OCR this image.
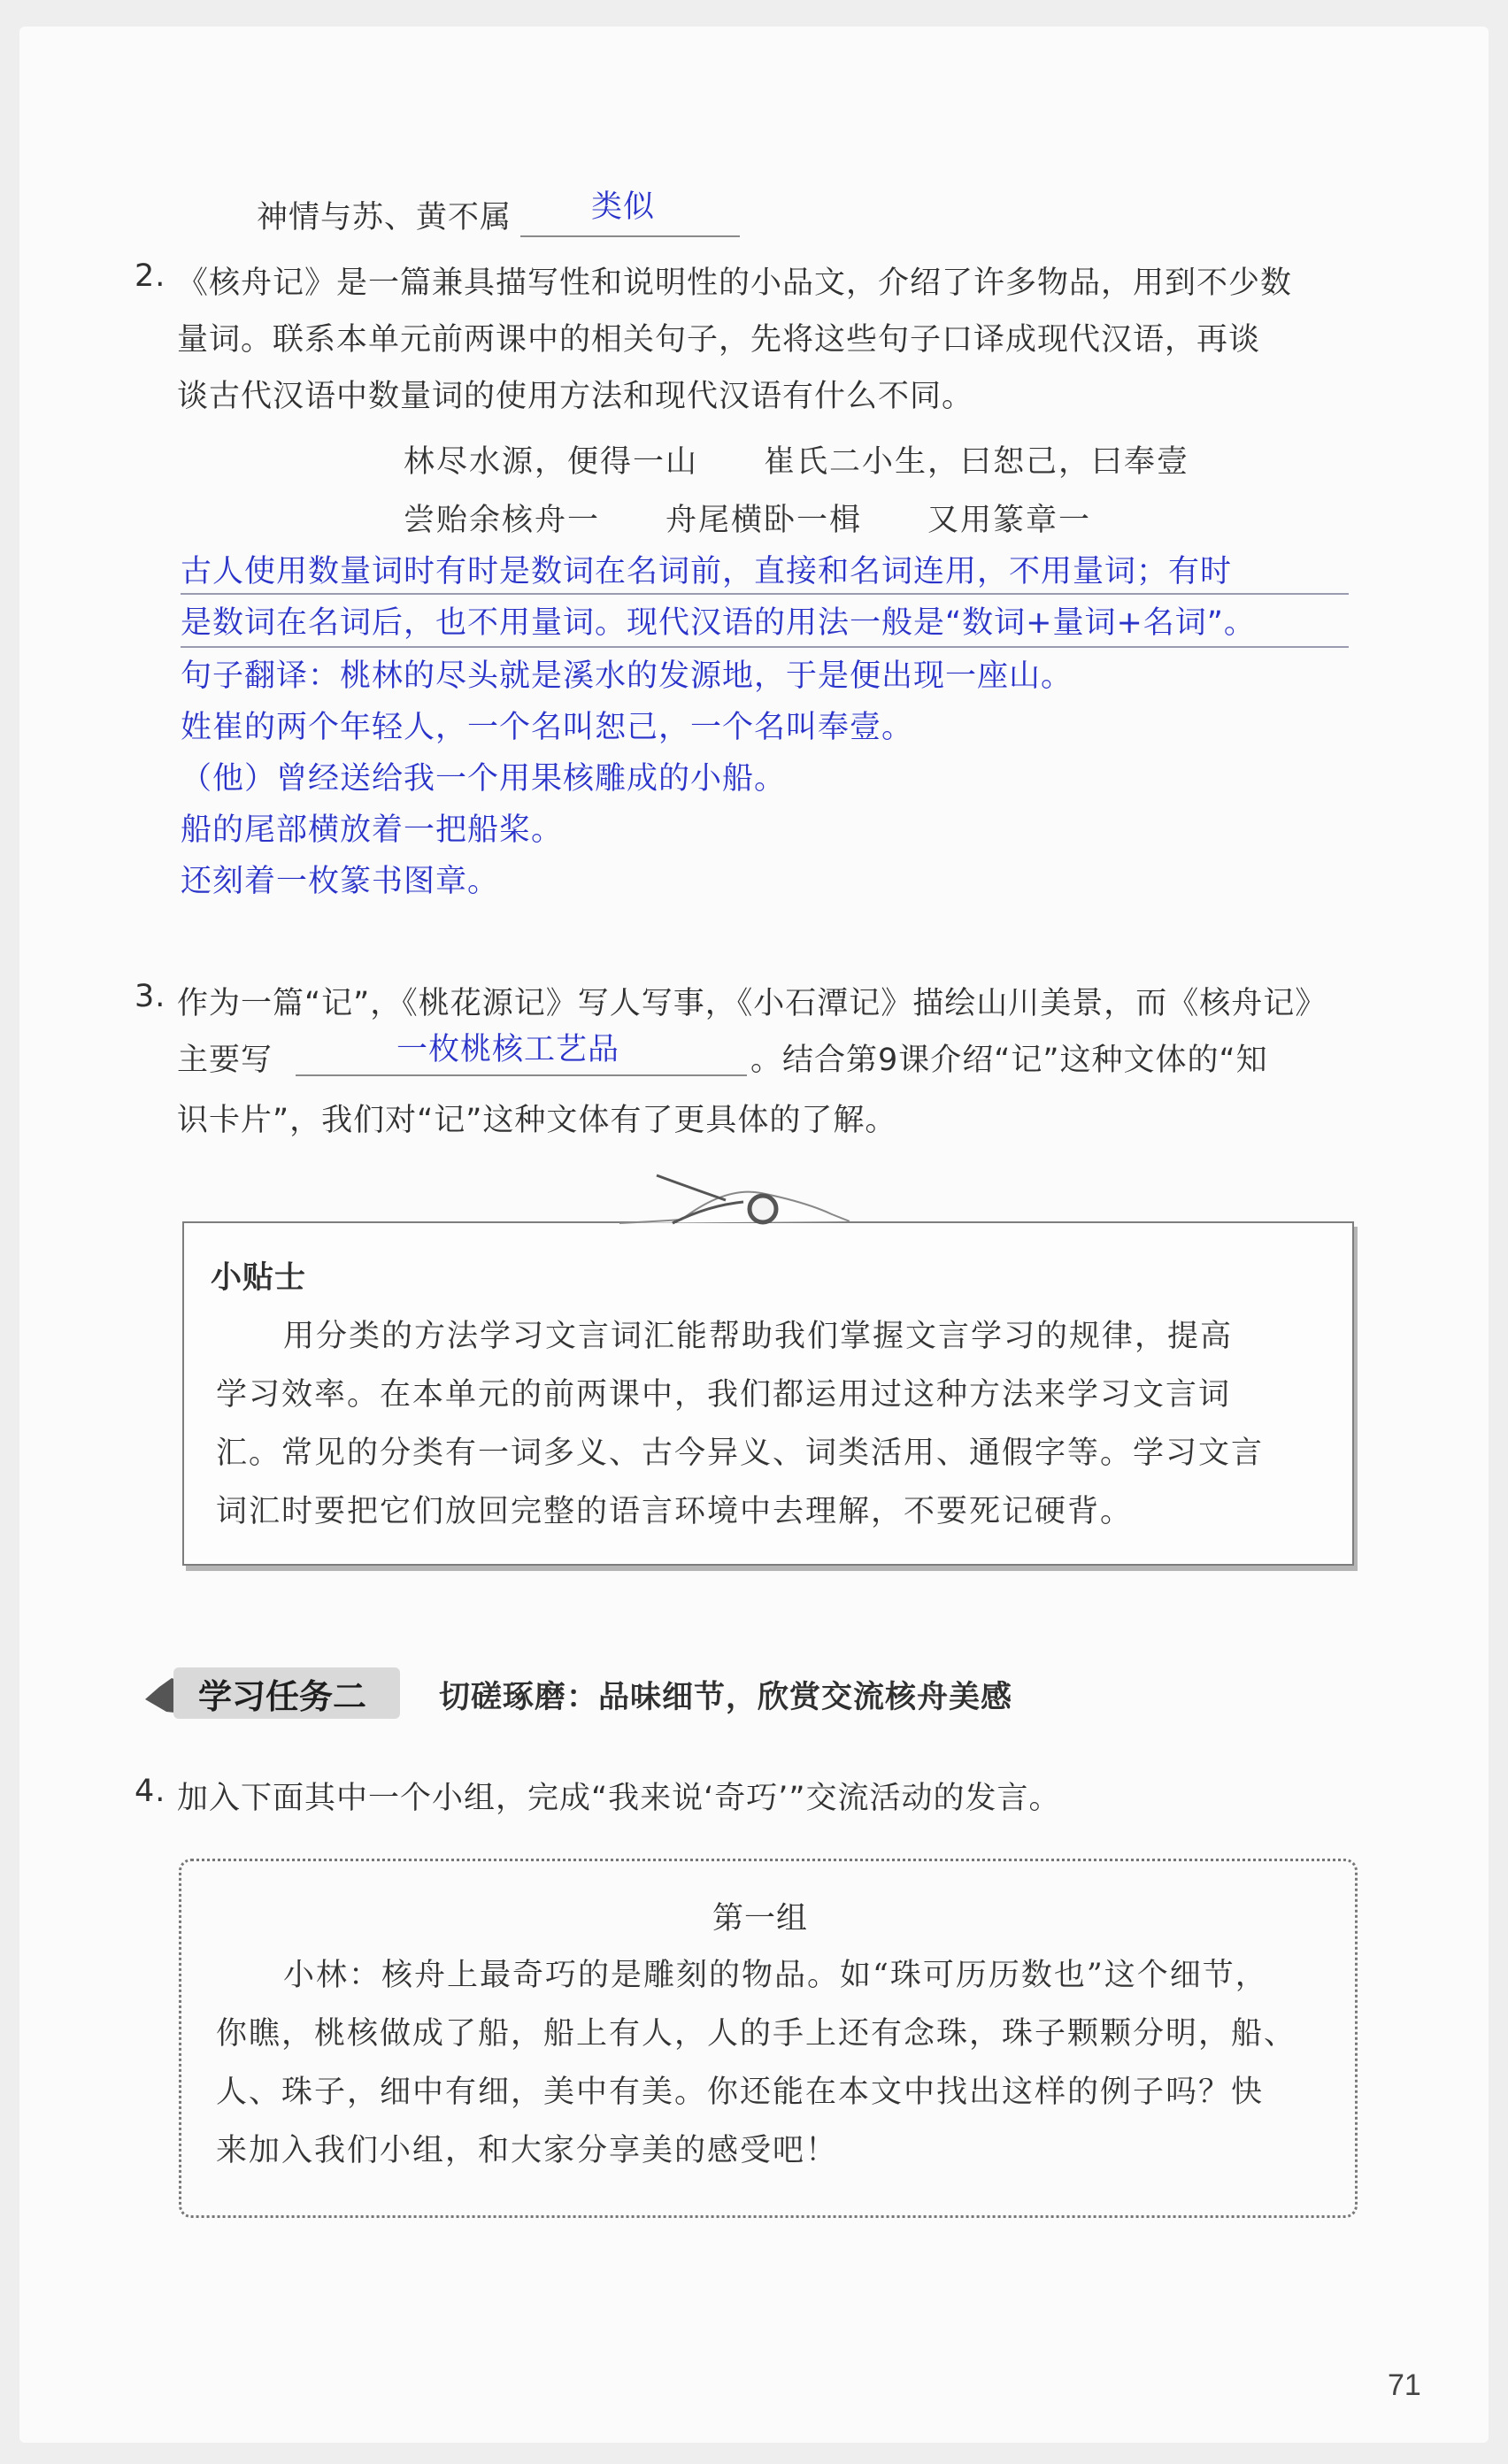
神情与苏、黄不属	类似
2. 《核舟记》是一篇兼具描写性和说明性的小品文，介绍了许多物品，用到不少数
量词。联系本单元前两课中的相关句子，先将这些句子口译成现代汉语，再谈
谈古代汉语中数量词的使用方法和现代汉语有什么不同。
林尽水源，便得一山　　崔氏二小生，曰恕己，曰奉壹
尝贻余核舟一　　舟尾横卧一楫　　又用篆章一
古人使用数量词时有时是数词在名词前，直接和名词连用，不用量词；有时
是数词在名词后，也不用量词。现代汉语的用法一般是“数词+量词+名词”。
句子翻译：桃林的尽头就是溪水的发源地，于是便出现一座山。
姓崔的两个年轻人，一个名叫恕己，一个名叫奉壹。
（他）曾经送给我一个用果核雕成的小船。
船的尾部横放着一把船桨。
还刻着一枚篆书图章。
3. 作为一篇“记”，《桃花源记》写人写事，《小石潭记》描绘山川美景，而《核舟记》
主要写	一枚桃核工艺品	。结合第9课介绍“记”这种文体的“知
识卡片”，我们对“记”这种文体有了更具体的了解。
小贴士
用分类的方法学习文言词汇能帮助我们掌握文言学习的规律，提高
学习效率。在本单元的前两课中，我们都运用过这种方法来学习文言词
汇。常见的分类有一词多义、古今异义、词类活用、通假字等。学习文言
词汇时要把它们放回完整的语言环境中去理解，不要死记硬背。
学习任务二 切磋琢磨：品味细节，欣赏交流核舟美感
4. 加入下面其中一个小组，完成“我来说‘奇巧’”交流活动的发言。
第一组
小林：核舟上最奇巧的是雕刻的物品。如“珠可历历数也”这个细节，
你瞧，桃核做成了船，船上有人，人的手上还有念珠，珠子颗颗分明，船、
人、珠子，细中有细，美中有美。你还能在本文中找出这样的例子吗？快
来加入我们小组，和大家分享美的感受吧！
71
